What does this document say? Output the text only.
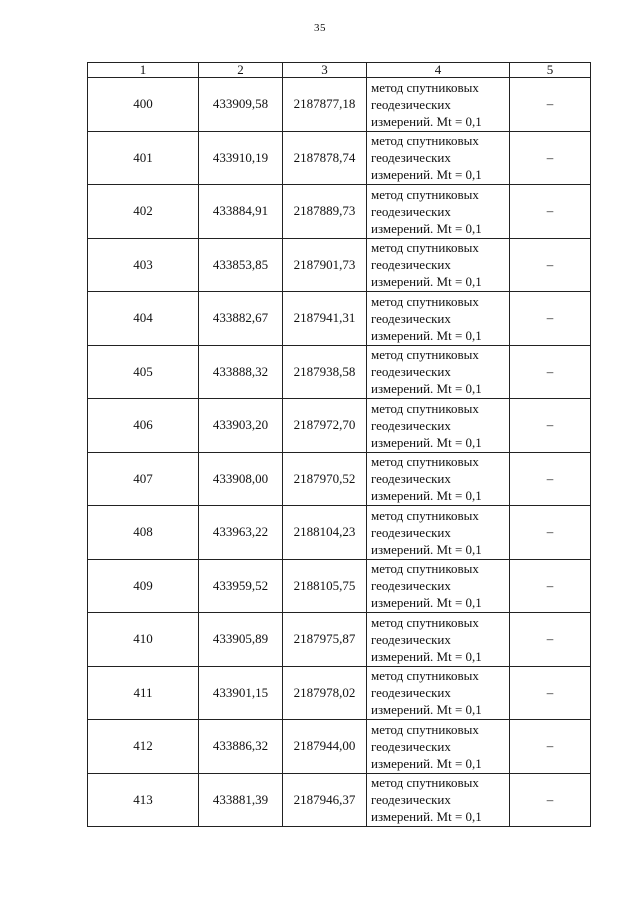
35
1	2	3	4	5
400	433909,58	2187877,18	метод спутниковых
геодезических
измерений. Mt = 0,1	–
401	433910,19	2187878,74	метод спутниковых
геодезических
измерений. Mt = 0,1	–
402	433884,91	2187889,73	метод спутниковых
геодезических
измерений. Mt = 0,1	–
403	433853,85	2187901,73	метод спутниковых
геодезических
измерений. Mt = 0,1	–
404	433882,67	2187941,31	метод спутниковых
геодезических
измерений. Mt = 0,1	–
405	433888,32	2187938,58	метод спутниковых
геодезических
измерений. Mt = 0,1	–
406	433903,20	2187972,70	метод спутниковых
геодезических
измерений. Mt = 0,1	–
407	433908,00	2187970,52	метод спутниковых
геодезических
измерений. Mt = 0,1	–
408	433963,22	2188104,23	метод спутниковых
геодезических
измерений. Mt = 0,1	–
409	433959,52	2188105,75	метод спутниковых
геодезических
измерений. Mt = 0,1	–
410	433905,89	2187975,87	метод спутниковых
геодезических
измерений. Mt = 0,1	–
411	433901,15	2187978,02	метод спутниковых
геодезических
измерений. Mt = 0,1	–
412	433886,32	2187944,00	метод спутниковых
геодезических
измерений. Mt = 0,1	–
413	433881,39	2187946,37	метод спутниковых
геодезических
измерений. Mt = 0,1	–
